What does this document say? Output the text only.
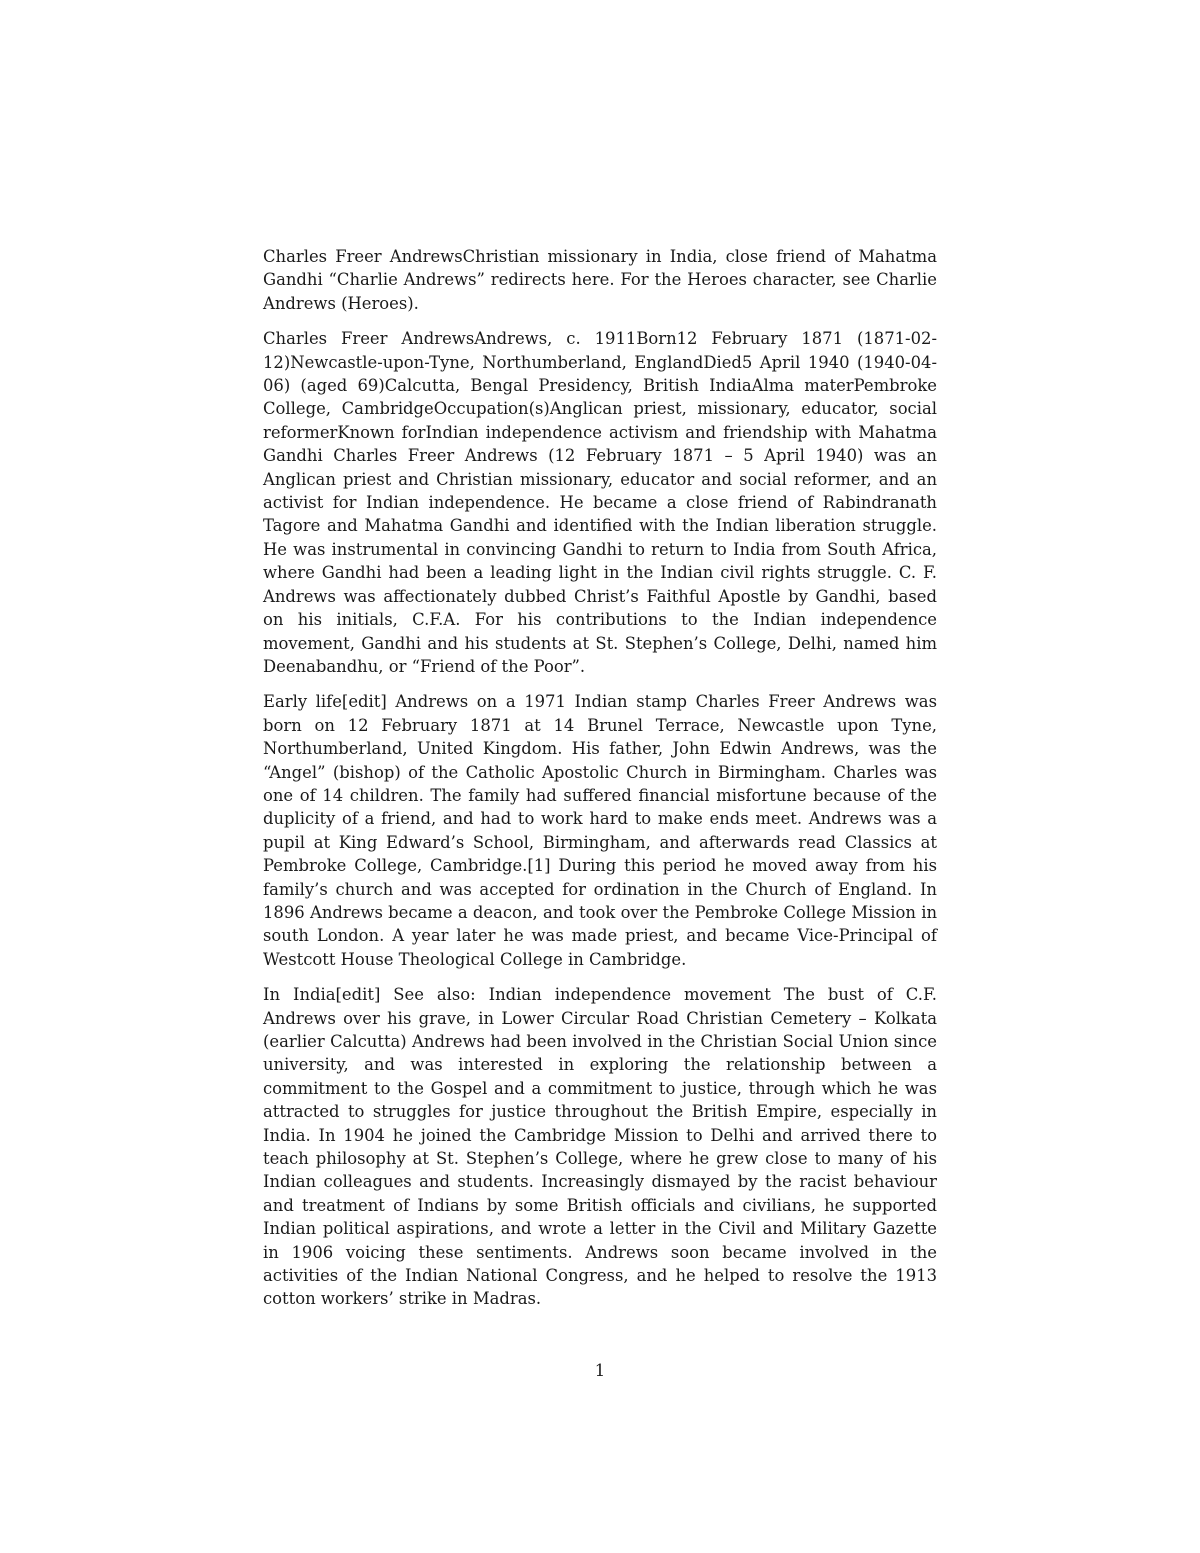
Charles Freer AndrewsChristian missionary in India, close friend of Mahatma Gandhi “Charlie Andrews” redirects here. For the Heroes character, see Charlie Andrews (Heroes).

Charles Freer AndrewsAndrews, c. 1911Born12 February 1871 (1871-02-12)Newcastle-upon-Tyne, Northumberland, EnglandDied5 April 1940 (1940-04-06) (aged 69)Calcutta, Bengal Presidency, British IndiaAlma materPembroke College, CambridgeOccupation(s)Anglican priest, missionary, educator, social reformerKnown forIndian independence activism and friendship with Mahatma Gandhi Charles Freer Andrews (12 February 1871 – 5 April 1940) was an Anglican priest and Christian missionary, educator and social reformer, and an activist for Indian independence. He became a close friend of Rabindranath Tagore and Mahatma Gandhi and identified with the Indian liberation struggle. He was instrumental in convincing Gandhi to return to India from South Africa, where Gandhi had been a leading light in the Indian civil rights struggle. C. F. Andrews was affectionately dubbed Christ’s Faithful Apostle by Gandhi, based on his initials, C.F.A. For his contributions to the Indian independence movement, Gandhi and his students at St. Stephen’s College, Delhi, named him Deenabandhu, or “Friend of the Poor”.

Early life[edit] Andrews on a 1971 Indian stamp Charles Freer Andrews was born on 12 February 1871 at 14 Brunel Terrace, Newcastle upon Tyne, Northumberland, United Kingdom. His father, John Edwin Andrews, was the “Angel” (bishop) of the Catholic Apostolic Church in Birmingham. Charles was one of 14 children. The family had suffered financial misfortune because of the duplicity of a friend, and had to work hard to make ends meet. Andrews was a pupil at King Edward’s School, Birmingham, and afterwards read Classics at Pembroke College, Cambridge.[1] During this period he moved away from his family’s church and was accepted for ordination in the Church of England. In 1896 Andrews became a deacon, and took over the Pembroke College Mission in south London. A year later he was made priest, and became Vice-Principal of Westcott House Theological College in Cambridge.

In India[edit] See also: Indian independence movement The bust of C.F. Andrews over his grave, in Lower Circular Road Christian Cemetery – Kolkata (earlier Calcutta) Andrews had been involved in the Christian Social Union since university, and was interested in exploring the relationship between a commitment to the Gospel and a commitment to justice, through which he was attracted to struggles for justice throughout the British Empire, especially in India. In 1904 he joined the Cambridge Mission to Delhi and arrived there to teach philosophy at St. Stephen’s College, where he grew close to many of his Indian colleagues and students. Increasingly dismayed by the racist behaviour and treatment of Indians by some British officials and civilians, he supported Indian political aspirations, and wrote a letter in the Civil and Military Gazette in 1906 voicing these sentiments. Andrews soon became involved in the activities of the Indian National Congress, and he helped to resolve the 1913 cotton workers’ strike in Madras.

1
